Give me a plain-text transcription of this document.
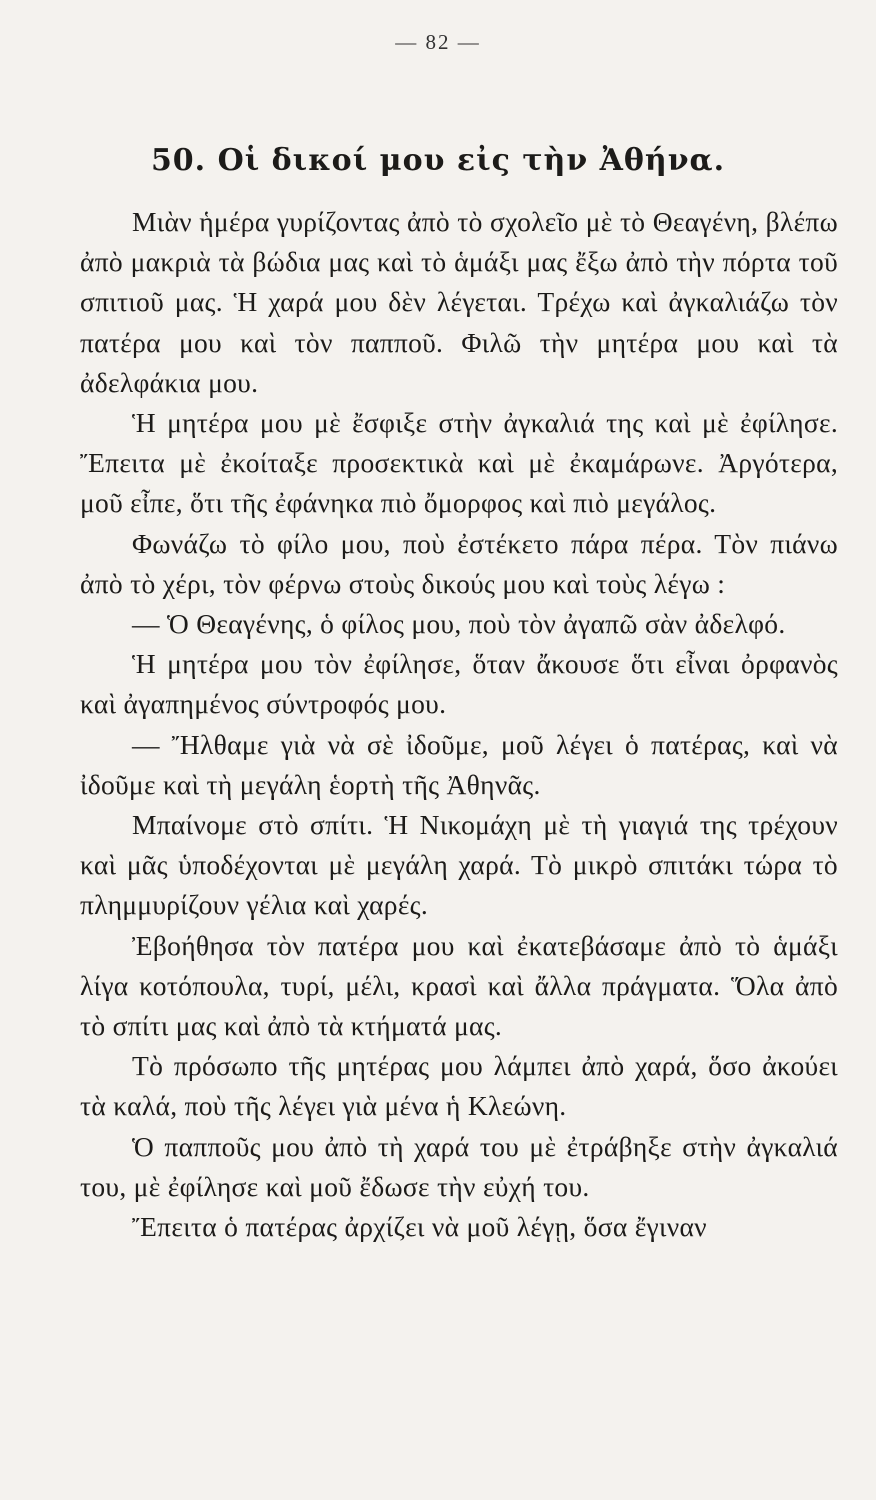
— 82 —
50. Οἱ δικοί μου εἰς τὴν Ἀθήνα.

Μιὰν ἡμέρα γυρίζοντας ἀπὸ τὸ σχολεῖο μὲ τὸ Θεαγένη, βλέπω ἀπὸ μακριὰ τὰ βώδια μας καὶ τὸ ἁμάξι μας ἔξω ἀπὸ τὴν πόρτα τοῦ σπιτιοῦ μας. Ἡ χαρά μου δὲν λέγεται. Τρέχω καὶ ἀγκαλιάζω τὸν πατέρα μου καὶ τὸν παπποῦ. Φιλῶ τὴν μητέρα μου καὶ τὰ ἀδελφάκια μου.

Ἡ μητέρα μου μὲ ἔσφιξε στὴν ἀγκαλιά της καὶ μὲ ἐφίλησε. Ἔπειτα μὲ ἐκοίταξε προσεκτικὰ καὶ μὲ ἐκαμάρωνε. Ἀργότερα, μοῦ εἶπε, ὅτι τῆς ἐφάνηκα πιὸ ὄμορφος καὶ πιὸ μεγάλος.

Φωνάζω τὸ φίλο μου, ποὺ ἐστέκετο πάρα πέρα. Τὸν πιάνω ἀπὸ τὸ χέρι, τὸν φέρνω στοὺς δικούς μου καὶ τοὺς λέγω :

— Ὁ Θεαγένης, ὁ φίλος μου, ποὺ τὸν ἀγαπῶ σὰν ἀδελφό.

Ἡ μητέρα μου τὸν ἐφίλησε, ὅταν ἄκουσε ὅτι εἶναι ὀρφανὸς καὶ ἀγαπημένος σύντροφός μου.

— Ἤλθαμε γιὰ νὰ σὲ ἰδοῦμε, μοῦ λέγει ὁ πατέρας, καὶ νὰ ἰδοῦμε καὶ τὴ μεγάλη ἑορτὴ τῆς Ἀθηνᾶς.

Μπαίνομε στὸ σπίτι. Ἡ Νικομάχη μὲ τὴ γιαγιά της τρέχουν καὶ μᾶς ὑποδέχονται μὲ μεγάλη χαρά. Τὸ μικρὸ σπιτάκι τώρα τὸ πλημμυρίζουν γέλια καὶ χαρές.

Ἐβοήθησα τὸν πατέρα μου καὶ ἐκατεβάσαμε ἀπὸ τὸ ἁμάξι λίγα κοτόπουλα, τυρί, μέλι, κρασὶ καὶ ἄλλα πράγματα. Ὅλα ἀπὸ τὸ σπίτι μας καὶ ἀπὸ τὰ κτήματά μας.

Τὸ πρόσωπο τῆς μητέρας μου λάμπει ἀπὸ χαρά, ὅσο ἀκούει τὰ καλά, ποὺ τῆς λέγει γιὰ μένα ἡ Κλεώνη.

Ὁ παπποῦς μου ἀπὸ τὴ χαρά του μὲ ἐτράβηξε στὴν ἀγκαλιά του, μὲ ἐφίλησε καὶ μοῦ ἔδωσε τὴν εὐχή του.

Ἔπειτα ὁ πατέρας ἀρχίζει νὰ μοῦ λέγῃ, ὅσα ἔγιναν
